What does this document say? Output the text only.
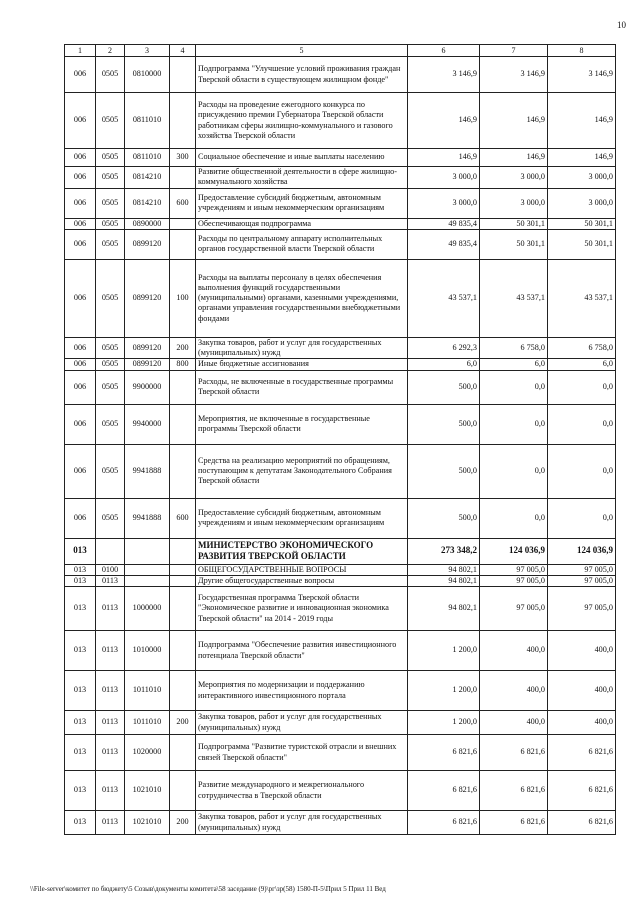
10
1	2	3	4	5	6	7	8
006	0505	0810000		Подпрограмма "Улучшение условий проживания граждан Тверской области в существующем жилищном фонде"	3 146,9	3 146,9	3 146,9
006	0505	0811010		Расходы на проведение ежегодного конкурса по присуждению премии Губернатора Тверской области работникам сферы жилищно-коммунального и газового хозяйства Тверской области	146,9	146,9	146,9
006	0505	0811010	300	Социальное обеспечение и иные выплаты населению	146,9	146,9	146,9
006	0505	0814210		Развитие общественной деятельности в сфере жилищно-коммунального хозяйства	3 000,0	3 000,0	3 000,0
006	0505	0814210	600	Предоставление субсидий бюджетным, автономным учреждениям и иным некоммерческим организациям	3 000,0	3 000,0	3 000,0
006	0505	0890000		Обеспечивающая подпрограмма	49 835,4	50 301,1	50 301,1
006	0505	0899120		Расходы по центральному аппарату исполнительных органов государственной власти Тверской области	49 835,4	50 301,1	50 301,1
006	0505	0899120	100	Расходы на выплаты персоналу в целях обеспечения выполнения функций государственными (муниципальными) органами, казенными учреждениями, органами управления государственными внебюджетными фондами	43 537,1	43 537,1	43 537,1
006	0505	0899120	200	Закупка товаров, работ и услуг для государственных (муниципальных) нужд	6 292,3	6 758,0	6 758,0
006	0505	0899120	800	Иные бюджетные ассигнования	6,0	6,0	6,0
006	0505	9900000		Расходы, не включенные в государственные программы Тверской области	500,0	0,0	0,0
006	0505	9940000		Мероприятия, не включенные в государственные программы Тверской области	500,0	0,0	0,0
006	0505	9941888		Средства на реализацию мероприятий по обращениям, поступающим к депутатам Законодательного Собрания Тверской области	500,0	0,0	0,0
006	0505	9941888	600	Предоставление субсидий бюджетным, автономным учреждениям и иным некоммерческим организациям	500,0	0,0	0,0
013				МИНИСТЕРСТВО ЭКОНОМИЧЕСКОГО РАЗВИТИЯ ТВЕРСКОЙ ОБЛАСТИ	273 348,2	124 036,9	124 036,9
013	0100			ОБЩЕГОСУДАРСТВЕННЫЕ ВОПРОСЫ	94 802,1	97 005,0	97 005,0
013	0113			Другие общегосударственные вопросы	94 802,1	97 005,0	97 005,0
013	0113	1000000		Государственная программа Тверской области "Экономическое развитие и инновационная экономика Тверской области" на 2014 - 2019 годы	94 802,1	97 005,0	97 005,0
013	0113	1010000		Подпрограмма "Обеспечение развития инвестиционного потенциала Тверской области"	1 200,0	400,0	400,0
013	0113	1011010		Мероприятия по модернизации и поддержанию интерактивного инвестиционного портала	1 200,0	400,0	400,0
013	0113	1011010	200	Закупка товаров, работ и услуг для государственных (муниципальных) нужд	1 200,0	400,0	400,0
013	0113	1020000		Подпрограмма "Развитие туристской отрасли и внешних связей Тверской области"	6 821,6	6 821,6	6 821,6
013	0113	1021010		Развитие международного и межрегионального сотрудничества в Тверской области	6 821,6	6 821,6	6 821,6
013	0113	1021010	200	Закупка товаров, работ и услуг для государственных (муниципальных) нужд	6 821,6	6 821,6	6 821,6
\\File-server\комитет по бюджету\5 Созыв\документы комитета\58 заседание (9)\рг\зр(58) 1580-П-5\Прил 5 Прил 11 Вед
